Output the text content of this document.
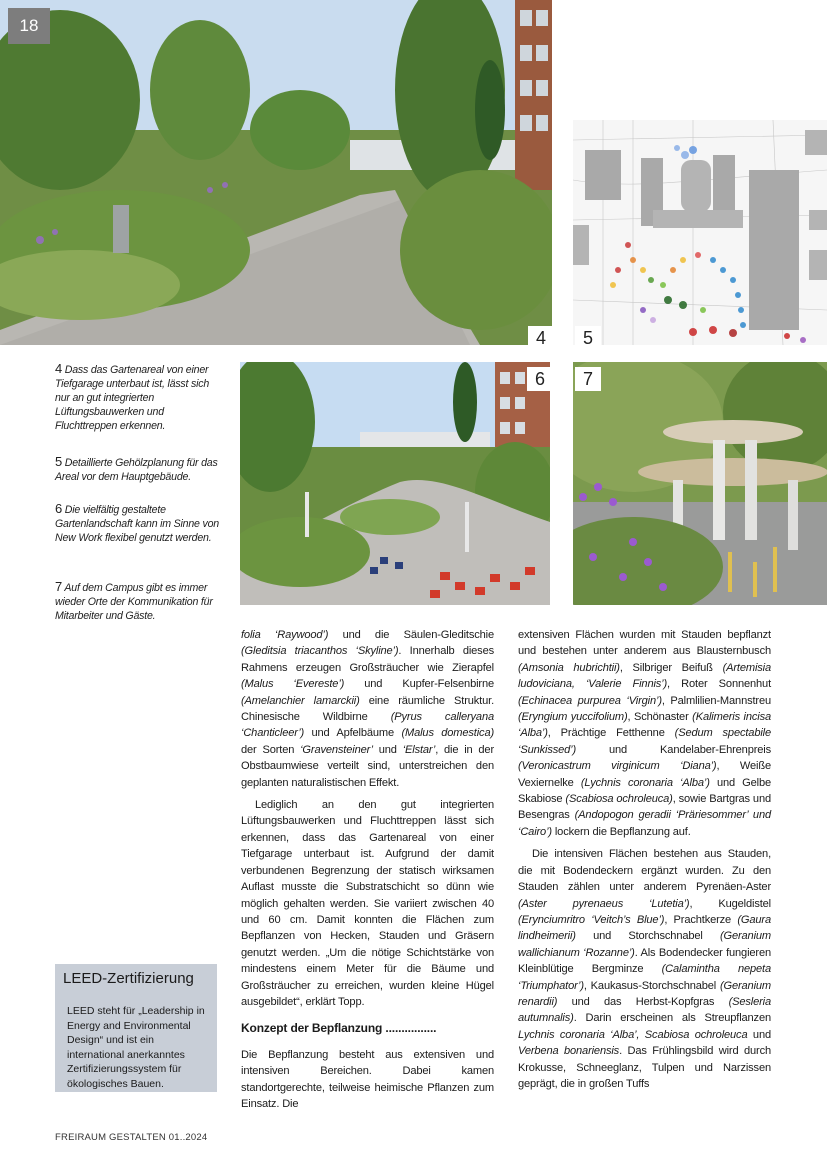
18
4	5
6	7
4 Dass das Gartenareal von einer Tiefgarage unterbaut ist, lässt sich nur an gut integrierten Lüftungsbauwerken und Fluchttreppen erkennen.
5 Detaillierte Gehölzplanung für das Areal vor dem Hauptgebäude.
6 Die vielfältig gestaltete Gartenlandschaft kann im Sinne von New Work flexibel genutzt werden.
7 Auf dem Campus gibt es immer wieder Orte der Kommunikation für Mitarbeiter und Gäste.
LEED-Zertifizierung
LEED steht für „Leadership in Energy and Environmental Design“ und ist ein international anerkanntes Zertifizierungssystem für ökologisches Bauen.

folia ‘Raywood’) und die Säulen-Gleditschie (Gleditsia triacanthos ‘Skyline’). Innerhalb dieses Rahmens erzeugen Großsträucher wie Zierapfel (Malus ‘Evereste’) und Kupfer-Felsenbirne (Amelanchier lamarckii) eine räumliche Struktur. Chinesische Wildbirne (Pyrus calleryana ‘Chanticleer’) und Apfelbäume (Malus domestica) der Sorten ‘Gravensteiner’ und ‘Elstar’, die in der Obstbaumwiese verteilt sind, unterstreichen den geplanten naturalistischen Effekt.

Lediglich an den gut integrierten Lüftungsbauwerken und Fluchttreppen lässt sich erkennen, dass das Gartenareal von einer Tiefgarage unterbaut ist. Aufgrund der damit verbundenen Begrenzung der statisch wirksamen Auflast musste die Substratschicht so dünn wie möglich gehalten werden. Sie variiert zwischen 40 und 60 cm. Damit konnten die Flächen zum Bepflanzen von Hecken, Stauden und Gräsern genutzt werden. „Um die nötige Schichtstärke von mindestens einem Meter für die Bäume und Großsträucher zu erreichen, wurden kleine Hügel ausgebildet“, erklärt Topp.

Konzept der Bepflanzung ................

Die Bepflanzung besteht aus extensiven und intensiven Bereichen. Dabei kamen standortgerechte, teilweise heimische Pflanzen zum Einsatz. Die

extensiven Flächen wurden mit Stauden bepflanzt und bestehen unter anderem aus Blausternbusch (Amsonia hubrichtii), Silbriger Beifuß (Artemisia ludoviciana, ‘Valerie Finnis’), Roter Sonnenhut (Echinacea purpurea ‘Virgin’), Palmlilien-Mannstreu (Eryngium yuccifolium), Schönaster (Kalimeris incisa ‘Alba’), Prächtige Fetthenne (Sedum spectabile ‘Sunkissed’) und Kandelaber-Ehrenpreis (Veronicastrum virginicum ‘Diana’), Weiße Vexiernelke (Lychnis coronaria ‘Alba’) und Gelbe Skabiose (Scabiosa ochroleuca), sowie Bartgras und Besengras (Andopogon geradii ‘Präriesommer’ und ‘Cairo’) lockern die Bepflanzung auf.

Die intensiven Flächen bestehen aus Stauden, die mit Bodendeckern ergänzt wurden. Zu den Stauden zählen unter anderem Pyrenäen-Aster (Aster pyrenaeus ‘Lutetia’), Kugeldistel (Erynciumritro ‘Veitch’s Blue’), Prachtkerze (Gaura lindheimerii) und Storchschnabel (Geranium wallichianum ‘Rozanne’). Als Bodendecker fungieren Kleinblütige Bergminze (Calamintha nepeta ‘Triumphator’), Kaukasus-Storchschnabel (Geranium renardii) und das Herbst-Kopfgras (Sesleria autumnalis). Darin erscheinen als Streupflanzen Lychnis coronaria ‘Alba’, Scabiosa ochroleuca und Verbena bonariensis. Das Frühlingsbild wird durch Krokusse, Schneeglanz, Tulpen und Narzissen geprägt, die in großen Tuffs

FREIRAUM GESTALTEN 01..2024
